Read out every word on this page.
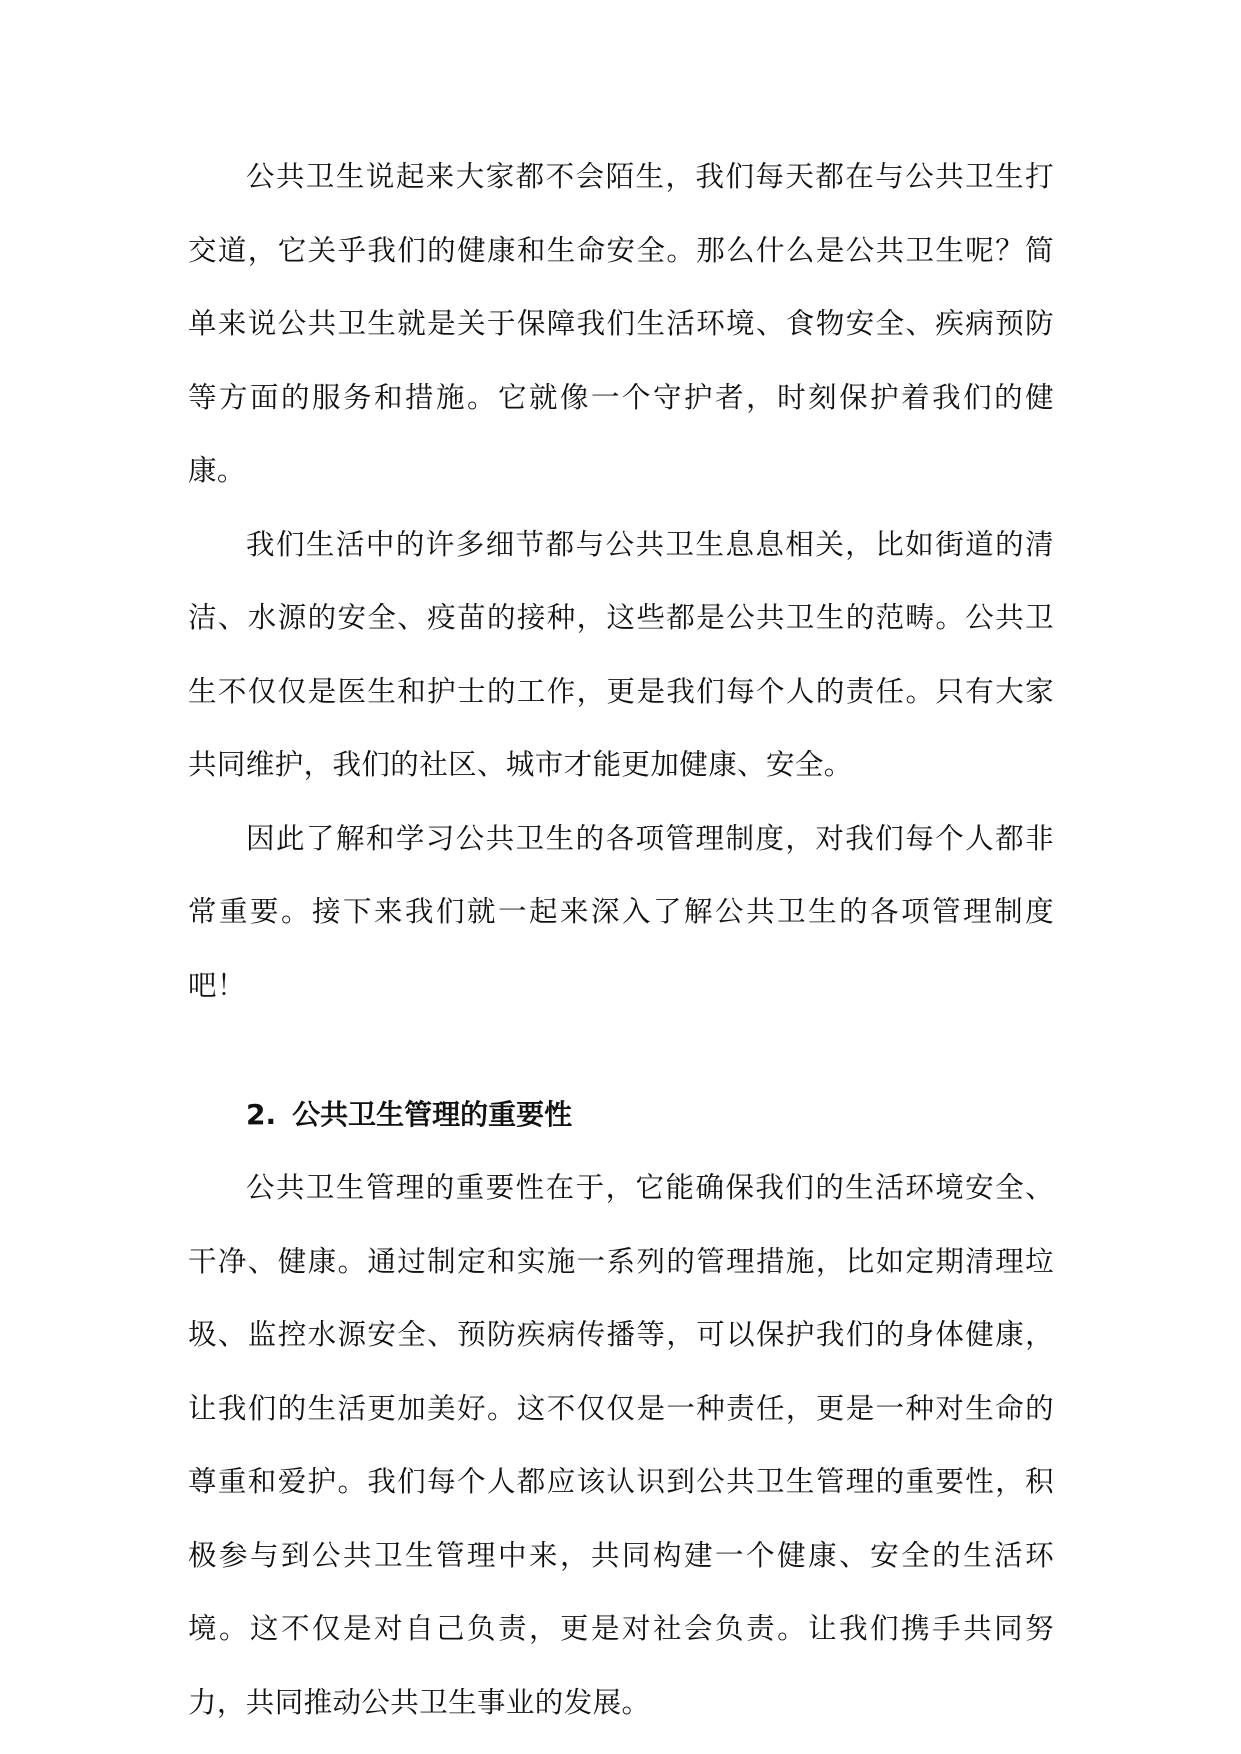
公共卫生说起来大家都不会陌生，我们每天都在与公共卫生打交道，它关乎我们的健康和生命安全。那么什么是公共卫生呢？简单来说公共卫生就是关于保障我们生活环境、食物安全、疾病预防等方面的服务和措施。它就像一个守护者，时刻保护着我们的健康。

我们生活中的许多细节都与公共卫生息息相关，比如街道的清洁、水源的安全、疫苗的接种，这些都是公共卫生的范畴。公共卫生不仅仅是医生和护士的工作，更是我们每个人的责任。只有大家共同维护，我们的社区、城市才能更加健康、安全。

因此了解和学习公共卫生的各项管理制度，对我们每个人都非常重要。接下来我们就一起来深入了解公共卫生的各项管理制度吧！

2. 公共卫生管理的重要性

公共卫生管理的重要性在于，它能确保我们的生活环境安全、干净、健康。通过制定和实施一系列的管理措施，比如定期清理垃圾、监控水源安全、预防疾病传播等，可以保护我们的身体健康，让我们的生活更加美好。这不仅仅是一种责任，更是一种对生命的尊重和爱护。我们每个人都应该认识到公共卫生管理的重要性，积极参与到公共卫生管理中来，共同构建一个健康、安全的生活环境。这不仅是对自己负责，更是对社会负责。让我们携手共同努力，共同推动公共卫生事业的发展。
